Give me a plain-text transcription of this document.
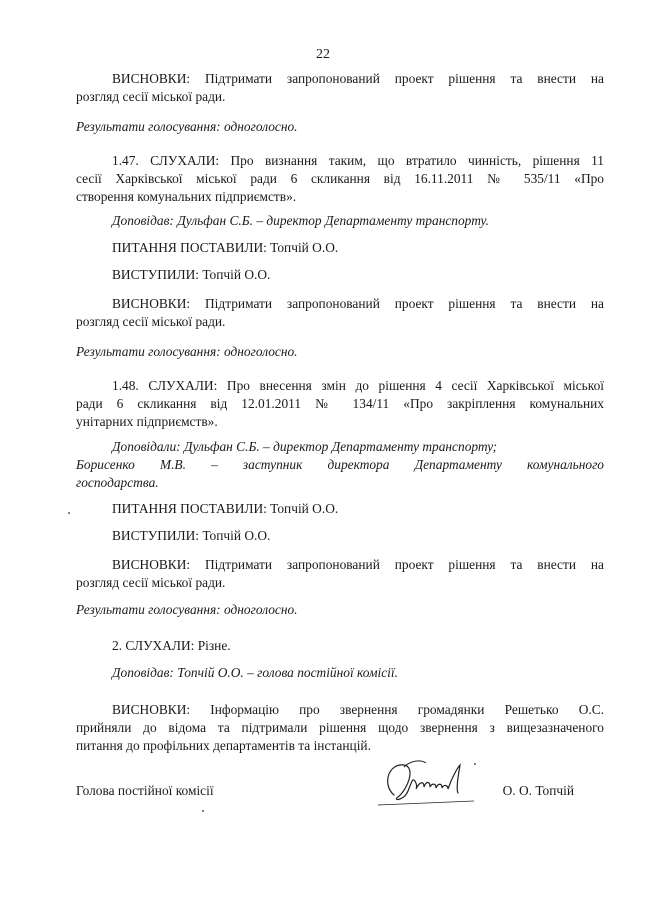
22
ВИСНОВКИ: Підтримати запропонований проект рішення та внести на
розгляд сесії міської ради.
Результати голосування: одноголосно.
1.47. СЛУХАЛИ: Про визнання таким, що втратило чинність, рішення 11
сесії Харківської міської ради 6 скликання від 16.11.2011 № 535/11 «Про
створення комунальних підприємств».
Доповідав: Дульфан С.Б. – директор Департаменту транспорту.
ПИТАННЯ ПОСТАВИЛИ: Топчій О.О.
ВИСТУПИЛИ: Топчій О.О.
ВИСНОВКИ: Підтримати запропонований проект рішення та внести на
розгляд сесії міської ради.
Результати голосування: одноголосно.
1.48. СЛУХАЛИ: Про внесення змін до рішення 4 сесії Харківської міської
ради 6 скликання від 12.01.2011 № 134/11 «Про закріплення комунальних
унітарних підприємств».
Доповідали: Дульфан С.Б. – директор Департаменту транспорту;
Борисенко М.В. – заступник директора Департаменту комунального
господарства.
ПИТАННЯ ПОСТАВИЛИ: Топчій О.О.
ВИСТУПИЛИ: Топчій О.О.
ВИСНОВКИ: Підтримати запропонований проект рішення та внести на
розгляд сесії міської ради.
Результати голосування: одноголосно.
2. СЛУХАЛИ: Різне.
Доповідав: Топчій О.О. – голова постійної комісії.
ВИСНОВКИ: Інформацію про звернення громадянки Решетько О.С.
прийняли до відома та підтримали рішення щодо звернення з вищезазначеного
питання до профільних департаментів та інстанцій.
Голова постійної комісії	О. О. Топчій
